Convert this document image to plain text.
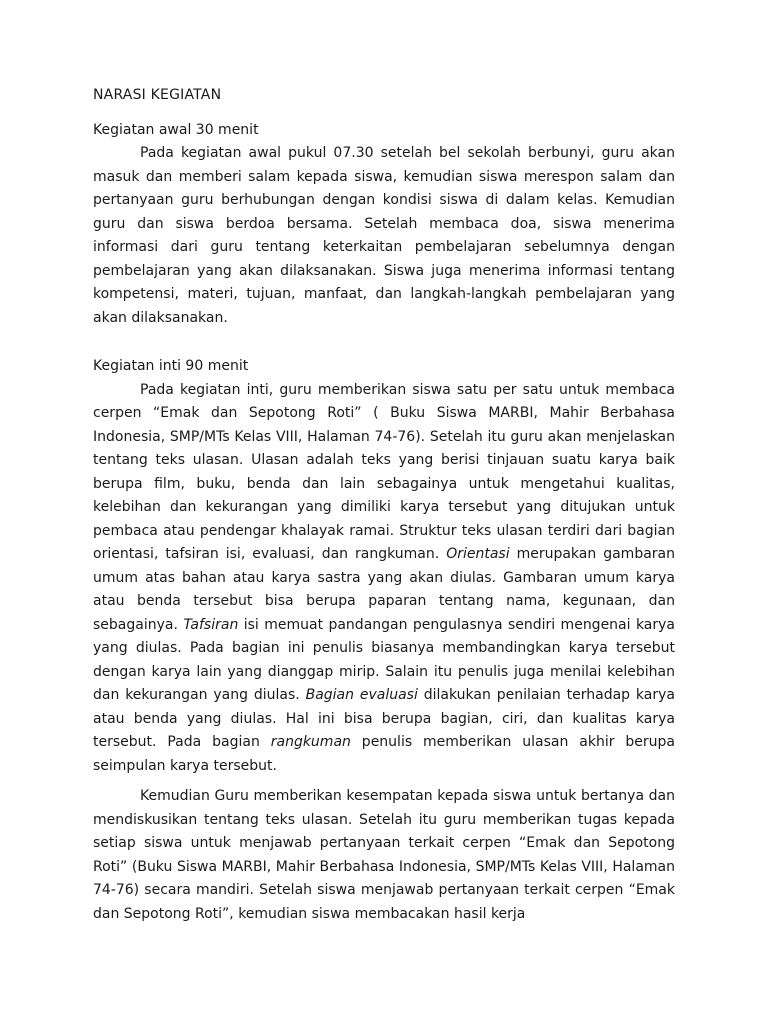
NARASI KEGIATAN
Kegiatan awal 30 menit

Pada kegiatan awal pukul 07.30 setelah bel sekolah berbunyi, guru akan masuk dan memberi salam kepada siswa, kemudian siswa merespon salam dan pertanyaan guru berhubungan dengan kondisi siswa di dalam kelas. Kemudian guru dan siswa berdoa bersama. Setelah membaca doa, siswa menerima informasi dari guru tentang keterkaitan pembelajaran sebelumnya dengan pembelajaran yang akan dilaksanakan. Siswa juga menerima informasi tentang kompetensi, materi, tujuan, manfaat, dan langkah-langkah pembelajaran yang akan dilaksanakan.

Kegiatan inti 90 menit

Pada kegiatan inti, guru memberikan siswa satu per satu untuk membaca cerpen “Emak dan Sepotong Roti” ( Buku Siswa MARBI, Mahir Berbahasa Indonesia, SMP/MTs Kelas VIII, Halaman 74-76). Setelah itu guru akan menjelaskan tentang teks ulasan. Ulasan adalah teks yang berisi tinjauan suatu karya baik berupa film, buku, benda dan lain sebagainya untuk mengetahui kualitas, kelebihan dan kekurangan yang dimiliki karya tersebut yang ditujukan untuk pembaca atau pendengar khalayak ramai. Struktur teks ulasan terdiri dari bagian orientasi, tafsiran isi, evaluasi, dan rangkuman. Orientasi merupakan gambaran umum atas bahan atau karya sastra yang akan diulas. Gambaran umum karya atau benda tersebut bisa berupa paparan tentang nama, kegunaan, dan sebagainya. Tafsiran isi memuat pandangan pengulasnya sendiri mengenai karya yang diulas. Pada bagian ini penulis biasanya membandingkan karya tersebut dengan karya lain yang dianggap mirip. Salain itu penulis juga menilai kelebihan dan kekurangan yang diulas. Bagian evaluasi dilakukan penilaian terhadap karya atau benda yang diulas. Hal ini bisa berupa bagian, ciri, dan kualitas karya tersebut. Pada bagian rangkuman penulis memberikan ulasan akhir berupa seimpulan karya tersebut.

Kemudian Guru memberikan kesempatan kepada siswa untuk bertanya dan mendiskusikan tentang teks ulasan. Setelah itu guru memberikan tugas kepada setiap siswa untuk menjawab pertanyaan terkait cerpen “Emak dan Sepotong Roti” (Buku Siswa MARBI, Mahir Berbahasa Indonesia, SMP/MTs Kelas VIII, Halaman 74-76) secara mandiri. Setelah siswa menjawab pertanyaan terkait cerpen “Emak dan Sepotong Roti”, kemudian siswa membacakan hasil kerja
